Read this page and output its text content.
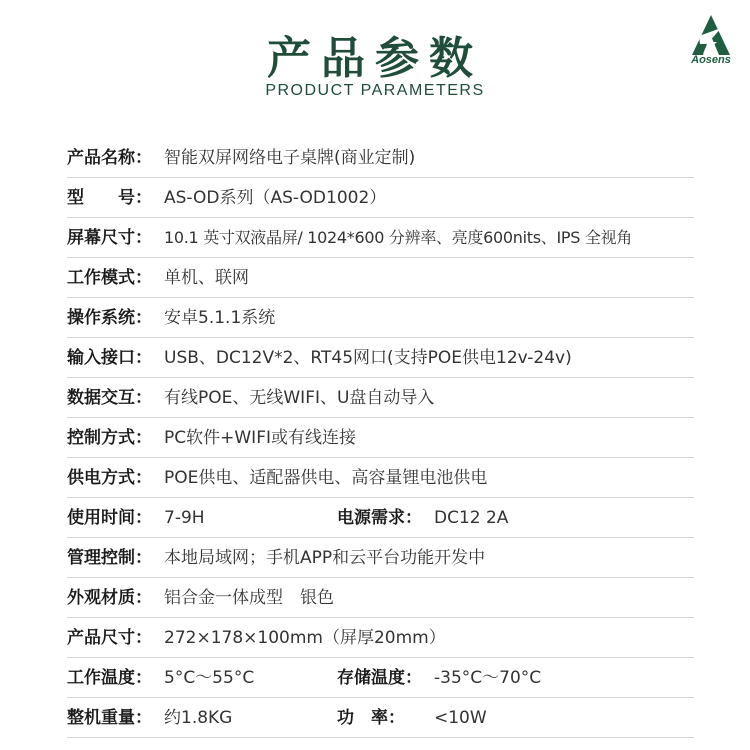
产品参数
PRODUCT PARAMETERS
Aosens
产品名称： 智能双屏网络电子桌牌(商业定制)
型　　号： AS-OD系列（AS-OD1002）
屏幕尺寸： 10.1 英寸双液晶屏/ 1024*600 分辨率、亮度600nits、IPS 全视角
工作模式： 单机、联网
操作系统： 安卓5.1.1系统
输入接口： USB、DC12V*2、RT45网口(支持POE供电12v-24v)
数据交互： 有线POE、无线WIFI、U盘自动导入
控制方式： PC软件+WIFI或有线连接
供电方式： POE供电、适配器供电、高容量锂电池供电
使用时间： 7-9H	电源需求： DC12 2A
管理控制： 本地局域网；手机APP和云平台功能开发中
外观材质： 铝合金一体成型　银色
产品尺寸： 272×178×100mm（屏厚20mm）
工作温度： 5°C～55°C	存储温度： -35°C～70°C
整机重量： 约1.8KG	功　率： <10W
